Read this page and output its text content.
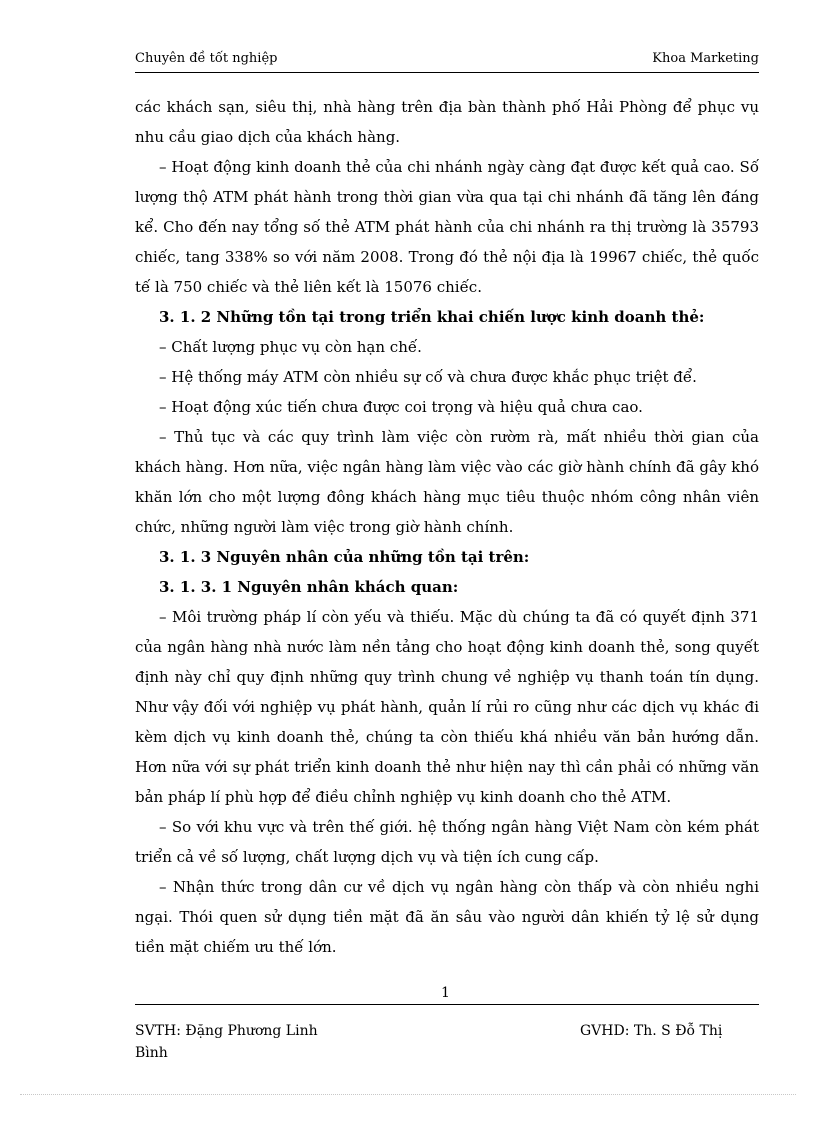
Chuyên đề tốt nghiệp	Khoa Marketing

các khách sạn, siêu thị, nhà hàng trên địa bàn thành phố Hải Phòng để phục vụ nhu cầu giao dịch của khách hàng.

– Hoạt động kinh doanh thẻ của chi nhánh ngày càng đạt được kết quả cao. Số lượng thộ ATM phát hành trong thời gian vừa qua tại chi nhánh đã tăng lên đáng kể. Cho đến nay tổng số thẻ ATM phát hành của chi nhánh ra thị trường là 35793 chiếc, tang 338% so với năm 2008. Trong đó thẻ nội địa là 19967 chiếc, thẻ quốc tế là 750 chiếc và thẻ liên kết là 15076 chiếc.

3. 1. 2 Những tồn tại trong triển khai chiến lược kinh doanh thẻ:

– Chất lượng phục vụ còn hạn chế.

– Hệ thống máy ATM còn nhiều sự cố và chưa được khắc phục triệt để.

– Hoạt động xúc tiến chưa được coi trọng và hiệu quả chưa cao.

– Thủ tục và các quy trình làm việc còn rườm rà, mất nhiều thời gian của khách hàng. Hơn nữa, việc ngân hàng làm việc vào các giờ hành chính đã gây khó khăn lớn cho một lượng đông khách hàng mục tiêu thuộc nhóm công nhân viên chức, những người làm việc trong giờ hành chính.

3. 1. 3 Nguyên nhân của những tồn tại trên:

3. 1. 3. 1 Nguyên nhân khách quan:

– Môi trường pháp lí còn yếu và thiếu. Mặc dù chúng ta đã có quyết định 371 của ngân hàng nhà nước làm nền tảng cho hoạt động kinh doanh thẻ, song quyết định này chỉ quy định những quy trình chung về nghiệp vụ thanh toán tín dụng. Như vậy đối với nghiệp vụ phát hành, quản lí rủi ro cũng như các dịch vụ khác đi kèm dịch vụ kinh doanh thẻ, chúng ta còn thiếu khá nhiều văn bản hướng dẫn. Hơn nữa với sự phát triển kinh doanh thẻ như hiện nay thì cần phải có những văn bản pháp lí phù hợp để điều chỉnh nghiệp vụ kinh doanh cho thẻ ATM.

– So với khu vực và trên thế giới. hệ thống ngân hàng Việt Nam còn kém phát triển cả về số lượng, chất lượng dịch vụ và tiện ích cung cấp.

– Nhận thức trong dân cư về dịch vụ ngân hàng còn thấp và còn nhiều nghi ngại. Thói quen sử dụng tiền mặt đã ăn sâu vào người dân khiến tỷ lệ sử dụng tiền mặt chiếm ưu thế lớn.

1
SVTH: Đặng Phương Linh
Bình
GVHD: Th. S Đỗ Thị
